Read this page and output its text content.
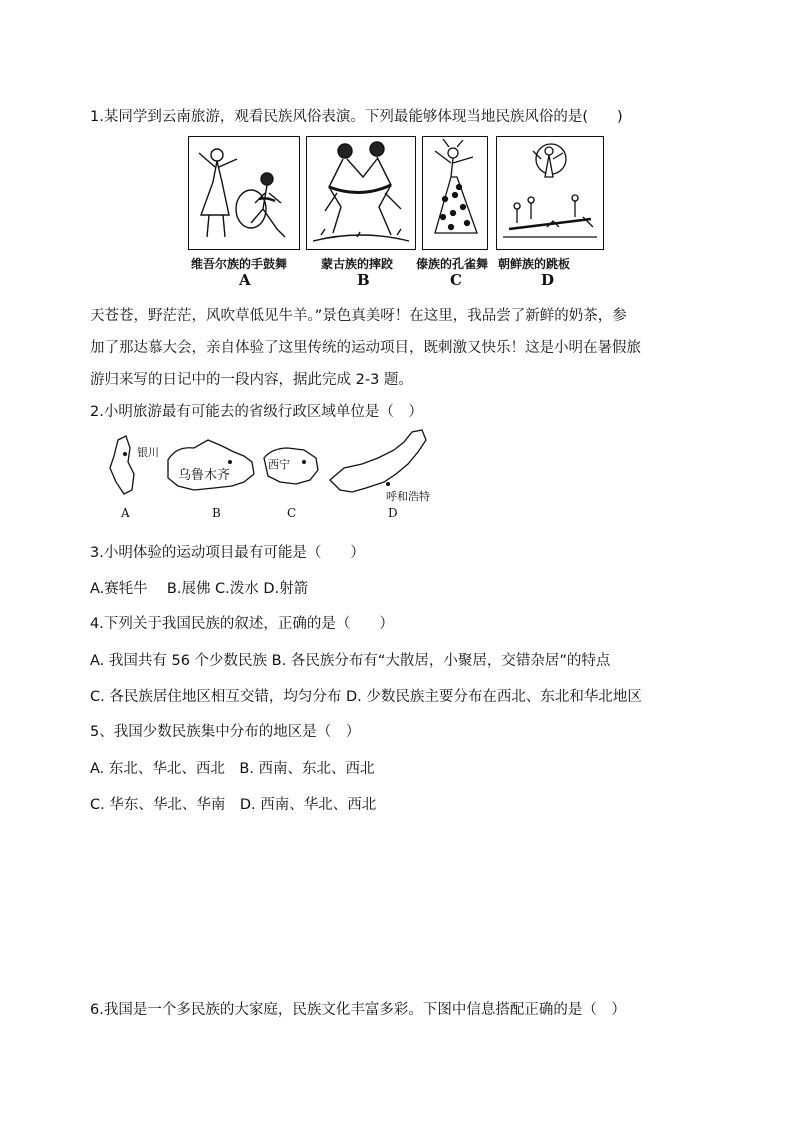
1.某同学到云南旅游，观看民族风俗表演。下列最能够体现当地民族风俗的是(　　)
维吾尔族的手鼓舞
A
蒙古族的摔跤
B
傣族的孔雀舞
C
朝鲜族的跳板
D
天苍苍，野茫茫，风吹草低见牛羊。”景色真美呀！在这里，我品尝了新鲜的奶茶，参
加了那达慕大会，亲自体验了这里传统的运动项目，既刺激又快乐！这是小明在暑假旅
游归来写的日记中的一段内容，据此完成 2-3 题。
2.小明旅游最有可能去的省级行政区域单位是（　）
银川
乌鲁木齐
西宁
呼和浩特
A	B	C	D
3.小明体验的运动项目最有可能是（　　）
A.赛牦牛　 B.展佛 C.泼水 D.射箭
4.下列关于我国民族的叙述，正确的是（　　）
A. 我国共有 56 个少数民族 B. 各民族分布有“大散居，小聚居，交错杂居”的特点
C. 各民族居住地区相互交错，均匀分布 D. 少数民族主要分布在西北、东北和华北地区
5、我国少数民族集中分布的地区是（　）
A. 东北、华北、西北　B. 西南、东北、西北
C. 华东、华北、华南　D. 西南、华北、西北
6.我国是一个多民族的大家庭，民族文化丰富多彩。下图中信息搭配正确的是（　）
